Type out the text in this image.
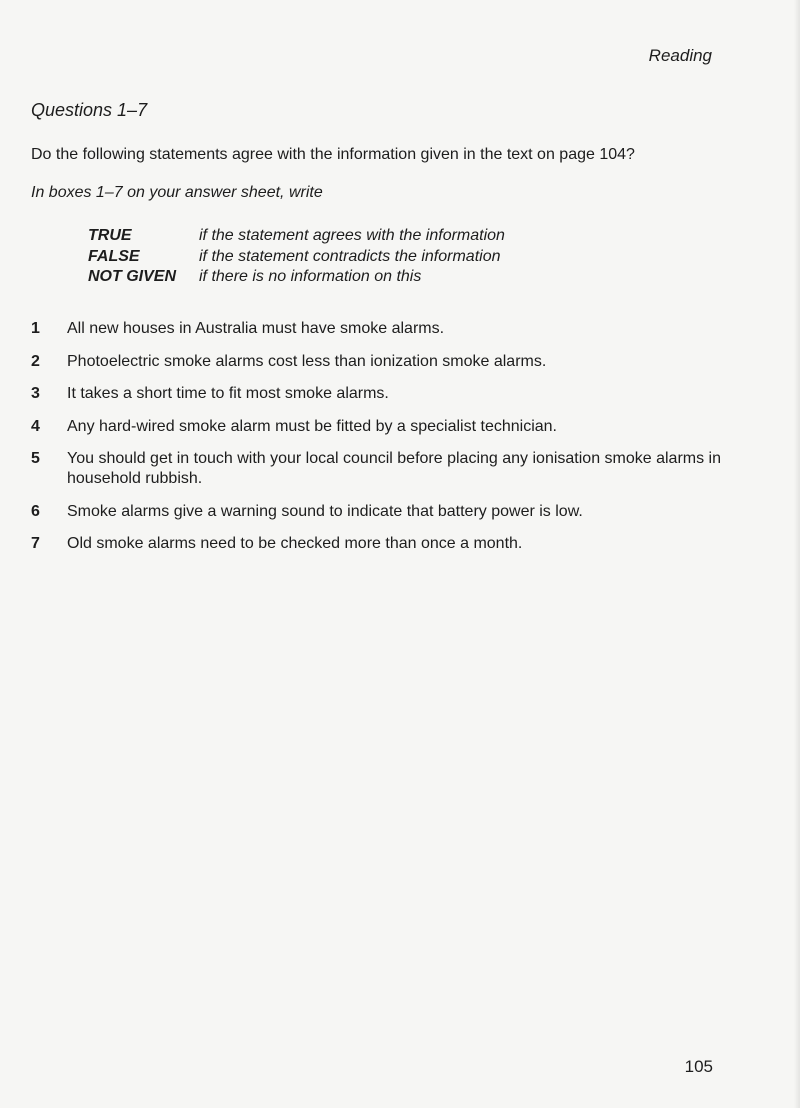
Reading
Questions 1–7
Do the following statements agree with the information given in the text on page 104?
In boxes 1–7 on your answer sheet, write
TRUE	if the statement agrees with the information
FALSE	if the statement contradicts the information
NOT GIVEN	if there is no information on this
1	All new houses in Australia must have smoke alarms.
2	Photoelectric smoke alarms cost less than ionization smoke alarms.
3	It takes a short time to fit most smoke alarms.
4	Any hard-wired smoke alarm must be fitted by a specialist technician.
5	You should get in touch with your local council before placing any ionisation smoke alarms in household rubbish.
6	Smoke alarms give a warning sound to indicate that battery power is low.
7	Old smoke alarms need to be checked more than once a month.
105
